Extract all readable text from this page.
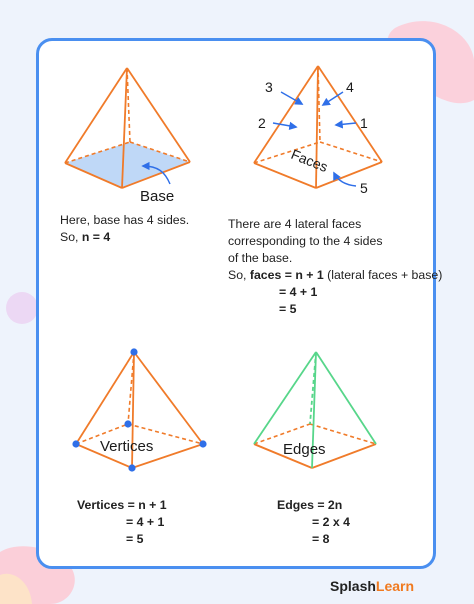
Base
3	4
2	1
Faces
5
Vertices	Edges
Here, base has 4 sides.
So, n = 4
There are 4 lateral faces
corresponding to the 4 sides
of the base.
So, faces = n + 1 (lateral faces + base)
= 4 + 1
= 5
Vertices = n + 1
= 4 + 1
= 5
Edges = 2n
= 2 x 4
= 8
SplashLearn
